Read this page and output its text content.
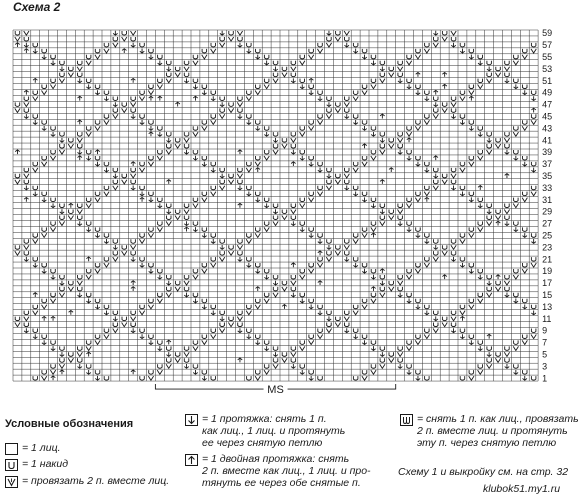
Схема 2
59
57
55
53
51
49
47
45
43
41
39
37
35
33
31
29
27
25
23
21
19
17
15
13
11
9
7
5
3
1
MS
Условные обозначения
= 1 лиц.
= 1 накид
= провязать 2 п. вместе лиц.
= 1 протяжка: снять 1 п.
как лиц., 1 лиц. и протянуть
ее через снятую петлю
= 1 двойная протяжка: снять
2 п. вместе как лиц., 1 лиц. и про-
тянуть ее через обе снятые п.
= снять 1 п. как лиц., провязать
2 п. вместе лиц. и протянуть
эту п. через снятую петлю
Схему 1 и выкройку см. на стр. 32
klubok51.my1.ru
